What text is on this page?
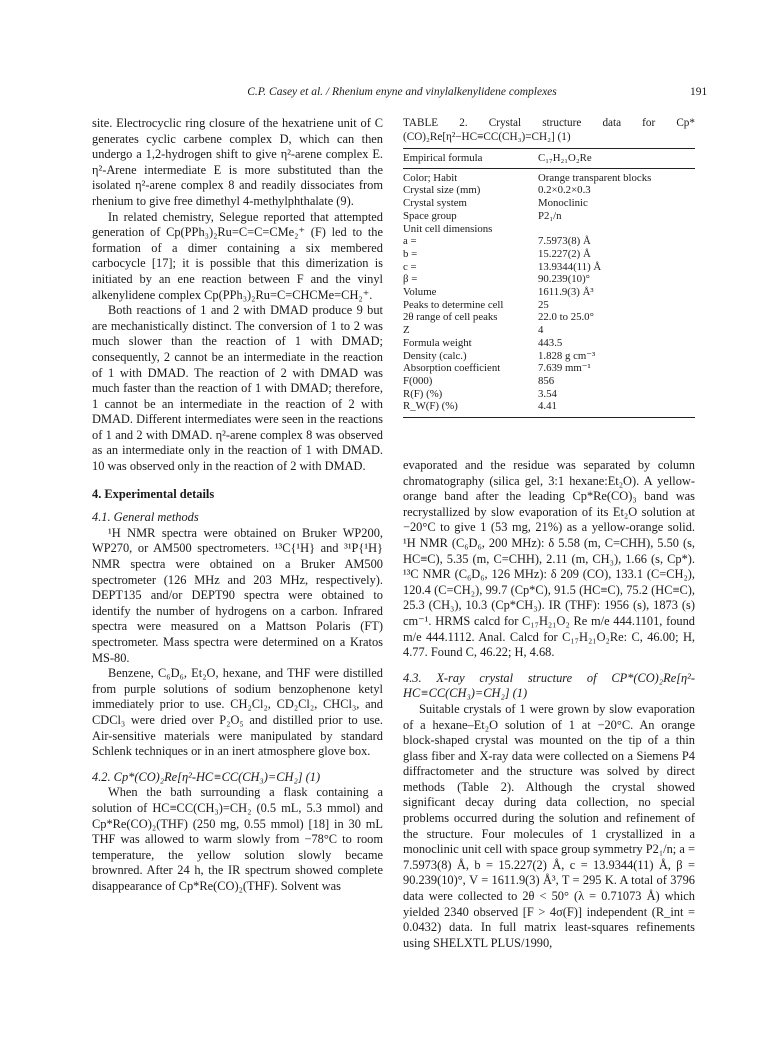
C.P. Casey et al. / Rhenium enyne and vinylalkenylidene complexes	191

site. Electrocyclic ring closure of the hexatriene unit of C generates cyclic carbene complex D, which can then undergo a 1,2-hydrogen shift to give η²-arene complex E. η²-Arene intermediate E is more substituted than the isolated η²-arene complex 8 and readily dissociates from rhenium to give free dimethyl 4-methylphthalate (9).

In related chemistry, Selegue reported that attempted generation of Cp(PPh₃)₂Ru=C=C=CMe₂⁺ (F) led to the formation of a dimer containing a six membered carbocycle [17]; it is possible that this dimerization is initiated by an ene reaction between F and the vinyl alkenylidene complex Cp(PPh₃)₂Ru=C=CHCMe=CH₂⁺.

Both reactions of 1 and 2 with DMAD produce 9 but are mechanistically distinct. The conversion of 1 to 2 was much slower than the reaction of 1 with DMAD; consequently, 2 cannot be an intermediate in the reaction of 1 with DMAD. The reaction of 2 with DMAD was much faster than the reaction of 1 with DMAD; therefore, 1 cannot be an intermediate in the reaction of 2 with DMAD. Different intermediates were seen in the reactions of 1 and 2 with DMAD. η²-arene complex 8 was observed as an intermediate only in the reaction of 1 with DMAD. 10 was observed only in the reaction of 2 with DMAD.

4. Experimental details
4.1. General methods

¹H NMR spectra were obtained on Bruker WP200, WP270, or AM500 spectrometers. ¹³C{¹H} and ³¹P{¹H} NMR spectra were obtained on a Bruker AM500 spectrometer (126 MHz and 203 MHz, respectively). DEPT135 and/or DEPT90 spectra were obtained to identify the number of hydrogens on a carbon. Infrared spectra were measured on a Mattson Polaris (FT) spectrometer. Mass spectra were determined on a Kratos MS-80.

Benzene, C₆D₆, Et₂O, hexane, and THF were distilled from purple solutions of sodium benzophenone ketyl immediately prior to use. CH₂Cl₂, CD₂Cl₂, CHCl₃, and CDCl₃ were dried over P₂O₅ and distilled prior to use. Air-sensitive materials were manipulated by standard Schlenk techniques or in an inert atmosphere glove box.

4.2. Cp*(CO)₂Re[η²-HC≡CC(CH₃)=CH₂] (1)

When the bath surrounding a flask containing a solution of HC≡CC(CH₃)=CH₂ (0.5 mL, 5.3 mmol) and Cp*Re(CO)₂(THF) (250 mg, 0.55 mmol) [18] in 30 mL THF was allowed to warm slowly from −78°C to room temperature, the yellow solution slowly became brownred. After 24 h, the IR spectrum showed complete disappearance of Cp*Re(CO)₂(THF). Solvent was

TABLE 2. Crystal structure data for Cp*(CO)₂Re[η²−HC≡CC(CH₃)=CH₂] (1)
Empirical formula	C₁₇H₂₁O₂Re
Color; Habit	Orange transparent blocks
Crystal size (mm)	0.2×0.2×0.3
Crystal system	Monoclinic
Space group	P2₁/n
Unit cell dimensions	
a =	7.5973(8) Å
b =	15.227(2) Å
c =	13.9344(11) Å
β =	90.239(10)°
Volume	1611.9(3) Å³
Peaks to determine cell	25
2θ range of cell peaks	22.0 to 25.0°
Z	4
Formula weight	443.5
Density (calc.)	1.828 g cm⁻³
Absorption coefficient	7.639 mm⁻¹
F(000)	856
R(F) (%)	3.54
R_W(F) (%)	4.41

evaporated and the residue was separated by column chromatography (silica gel, 3:1 hexane:Et₂O). A yellow-orange band after the leading Cp*Re(CO)₃ band was recrystallized by slow evaporation of its Et₂O solution at −20°C to give 1 (53 mg, 21%) as a yellow-orange solid. ¹H NMR (C₆D₆, 200 MHz): δ 5.58 (m, C=CHH), 5.50 (s, HC≡C), 5.35 (m, C=CHH), 2.11 (m, CH₃), 1.66 (s, Cp*). ¹³C NMR (C₆D₆, 126 MHz): δ 209 (CO), 133.1 (C=CH₂), 120.4 (C=CH₂), 99.7 (Cp*C), 91.5 (HC≡C), 75.2 (HC≡C), 25.3 (CH₃), 10.3 (Cp*CH₃). IR (THF): 1956 (s), 1873 (s) cm⁻¹. HRMS calcd for C₁₇H₂₁O₂ Re m/e 444.1101, found m/e 444.1112. Anal. Calcd for C₁₇H₂₁O₂Re: C, 46.00; H, 4.77. Found C, 46.22; H, 4.68.

4.3. X-ray crystal structure of CP*(CO)₂Re[η²-HC≡CC(CH₃)=CH₂] (1)

Suitable crystals of 1 were grown by slow evaporation of a hexane–Et₂O solution of 1 at −20°C. An orange block-shaped crystal was mounted on the tip of a thin glass fiber and X-ray data were collected on a Siemens P4 diffractometer and the structure was solved by direct methods (Table 2). Although the crystal showed significant decay during data collection, no special problems occurred during the solution and refinement of the structure. Four molecules of 1 crystallized in a monoclinic unit cell with space group symmetry P2₁/n; a = 7.5973(8) Å, b = 15.227(2) Å, c = 13.9344(11) Å, β = 90.239(10)°, V = 1611.9(3) Å³, T = 295 K. A total of 3796 data were collected to 2θ < 50° (λ = 0.71073 Å) which yielded 2340 observed [F > 4σ(F)] independent (R_int = 0.0432) data. In full matrix least-squares refinements using SHELXTL PLUS/1990,
